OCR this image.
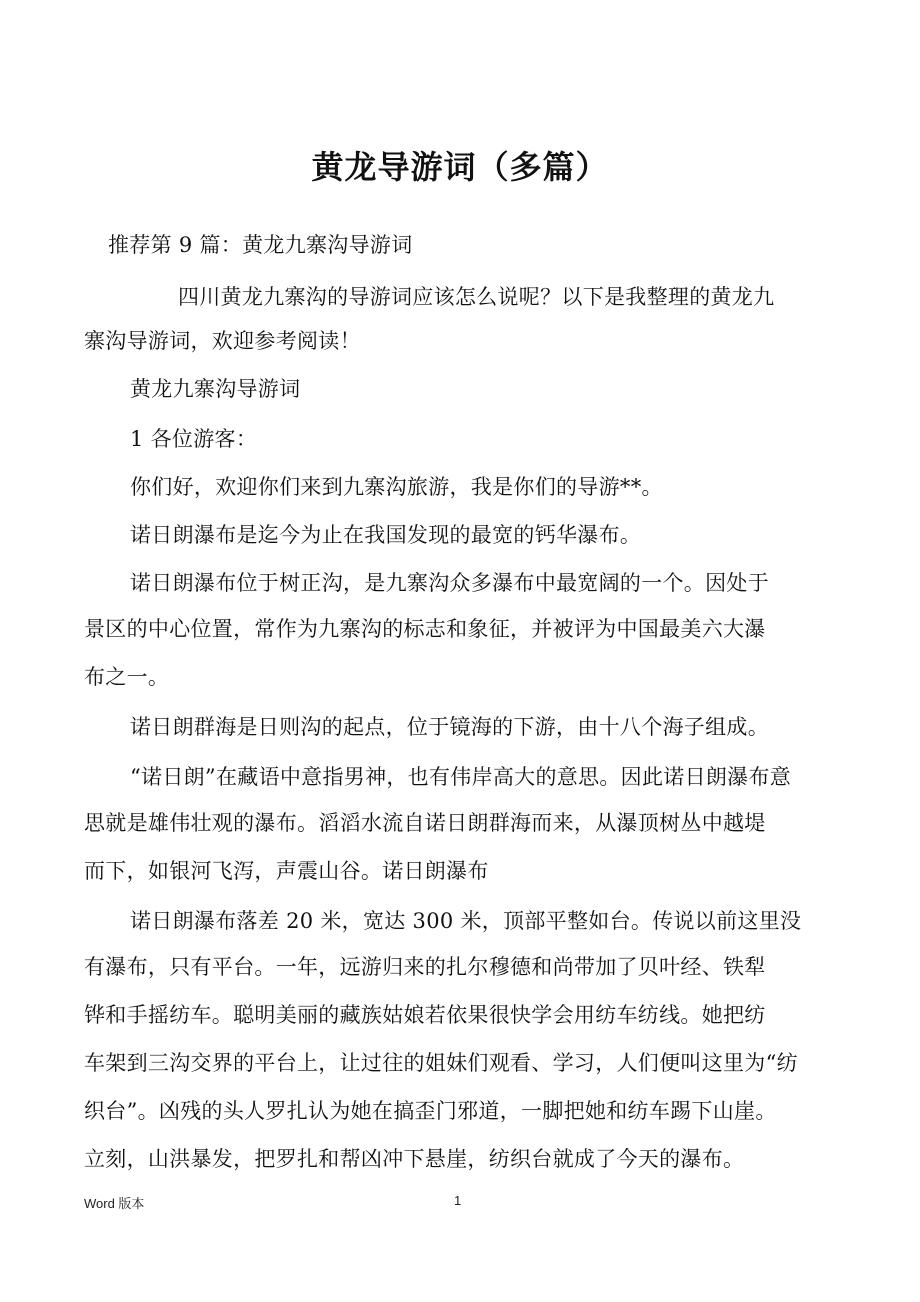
黄龙导游词（多篇）
推荐第 9 篇：黄龙九寨沟导游词
四川黄龙九寨沟的导游词应该怎么说呢？以下是我整理的黄龙九
寨沟导游词，欢迎参考阅读！
黄龙九寨沟导游词
1 各位游客：
你们好，欢迎你们来到九寨沟旅游，我是你们的导游**。
诺日朗瀑布是迄今为止在我国发现的最宽的钙华瀑布。
诺日朗瀑布位于树正沟，是九寨沟众多瀑布中最宽阔的一个。因处于
景区的中心位置，常作为九寨沟的标志和象征，并被评为中国最美六大瀑
布之一。
诺日朗群海是日则沟的起点，位于镜海的下游，由十八个海子组成。
“诺日朗”在藏语中意指男神，也有伟岸高大的意思。因此诺日朗瀑布意
思就是雄伟壮观的瀑布。滔滔水流自诺日朗群海而来，从瀑顶树丛中越堤
而下，如银河飞泻，声震山谷。诺日朗瀑布
诺日朗瀑布落差 20 米，宽达 300 米，顶部平整如台。传说以前这里没
有瀑布，只有平台。一年，远游归来的扎尔穆德和尚带加了贝叶经、铁犁
铧和手摇纺车。聪明美丽的藏族姑娘若依果很快学会用纺车纺线。她把纺
车架到三沟交界的平台上，让过往的姐妹们观看、学习，人们便叫这里为“纺
织台”。凶残的头人罗扎认为她在搞歪门邪道，一脚把她和纺车踢下山崖。
立刻，山洪暴发，把罗扎和帮凶冲下悬崖，纺织台就成了今天的瀑布。
Word 版本	1
